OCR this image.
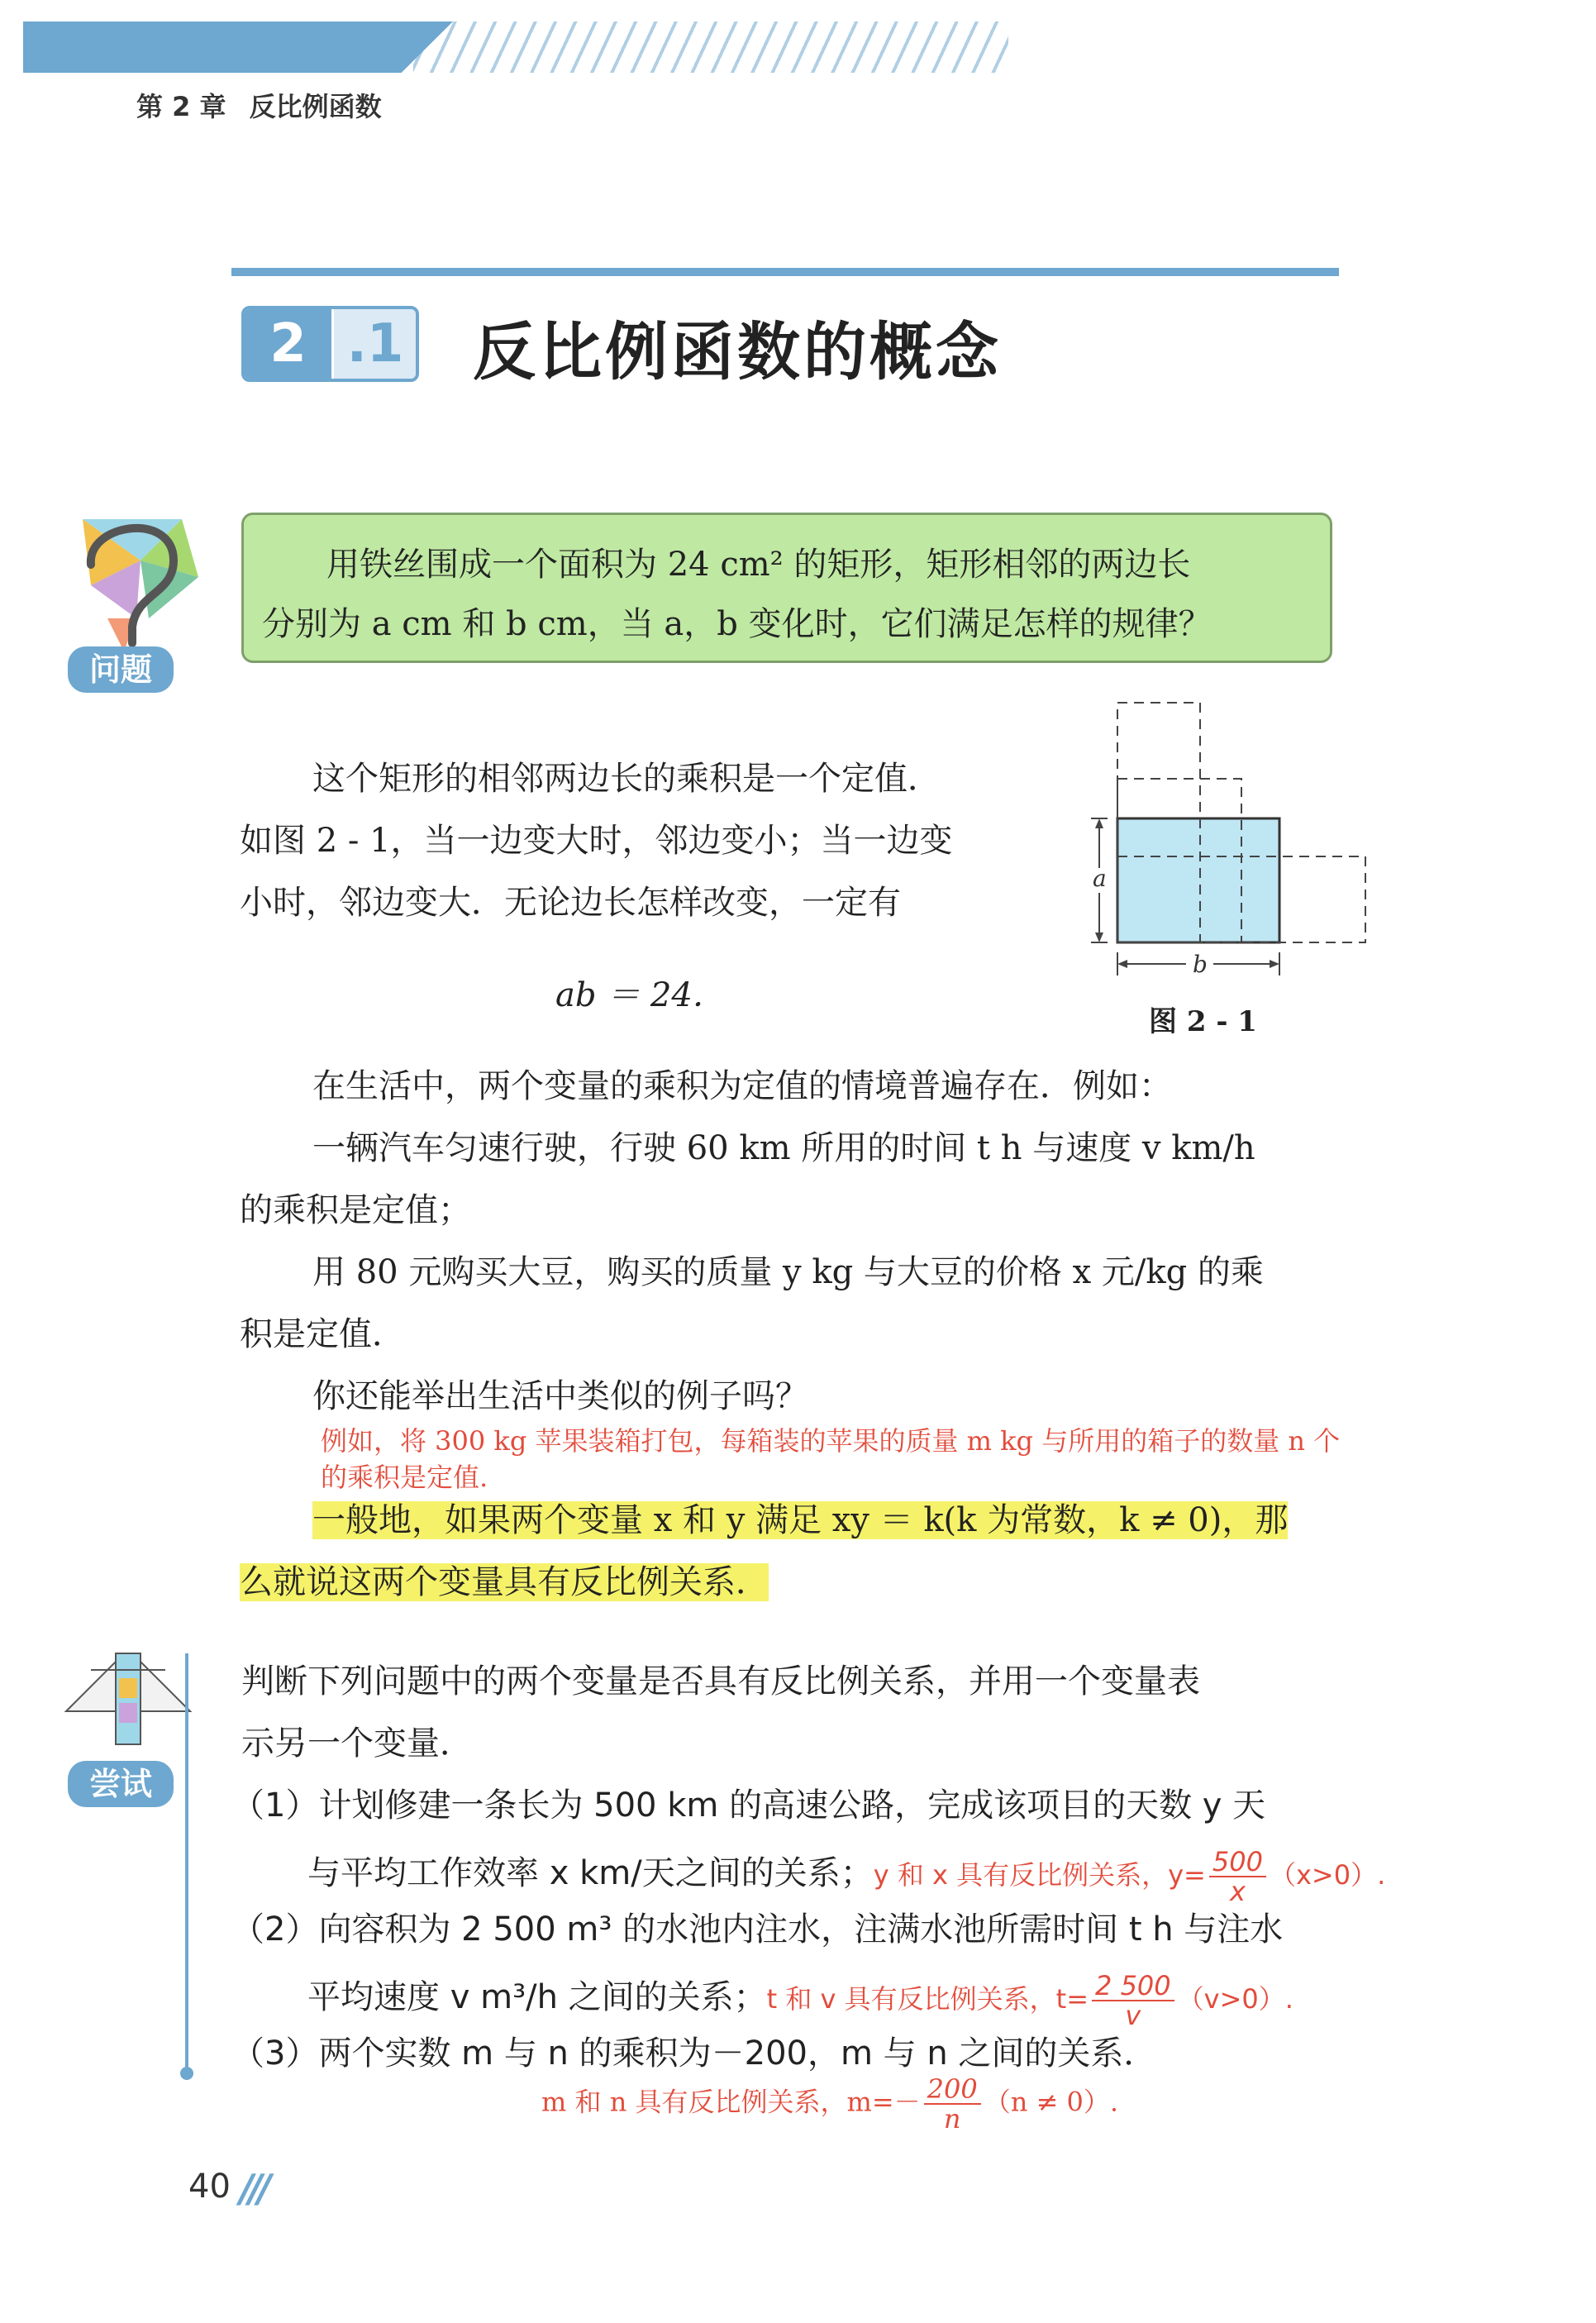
第 2 章 反比例函数
2 .1 反比例函数的概念
问题

用铁丝围成一个面积为 24 cm² 的矩形，矩形相邻的两边长

分别为 a cm 和 b cm，当 a，b 变化时，它们满足怎样的规律？

这个矩形的相邻两边长的乘积是一个定值．
如图 2 - 1，当一边变大时，邻边变小；当一边变
小时，邻边变大．无论边长怎样改变，一定有
ab ＝ 24．
a
b
图 2 - 1
在生活中，两个变量的乘积为定值的情境普遍存在．例如：
一辆汽车匀速行驶，行驶 60 km 所用的时间 t h 与速度 v km/h
的乘积是定值；
用 80 元购买大豆，购买的质量 y kg 与大豆的价格 x 元/kg 的乘
积是定值．
你还能举出生活中类似的例子吗？
例如，将 300 kg 苹果装箱打包，每箱装的苹果的质量 m kg 与所用的箱子的数量 n 个
的乘积是定值.
一般地，如果两个变量 x 和 y 满足 xy ＝ k(k 为常数，k ≠ 0)，那
么就说这两个变量具有反比例关系．
尝试
判断下列问题中的两个变量是否具有反比例关系，并用一个变量表
示另一个变量．
（1）计划修建一条长为 500 km 的高速公路，完成该项目的天数 y 天
与平均工作效率 x km/天之间的关系；y 和 x 具有反比例关系，$y= \frac{500}{x} (x>0)$.
（2）向容积为 2 500 m³ 的水池内注水，注满水池所需时间 t h 与注水
平均速度 v m³/h 之间的关系；t 和 v 具有反比例关系，$t= \frac{2 500}{v} (v>0)$.
（3）两个实数 m 与 n 的乘积为－200，m 与 n 之间的关系．
m 和 n 具有反比例关系，$m=- \frac{200}{n} (n \ne 0)$.
40 ///
